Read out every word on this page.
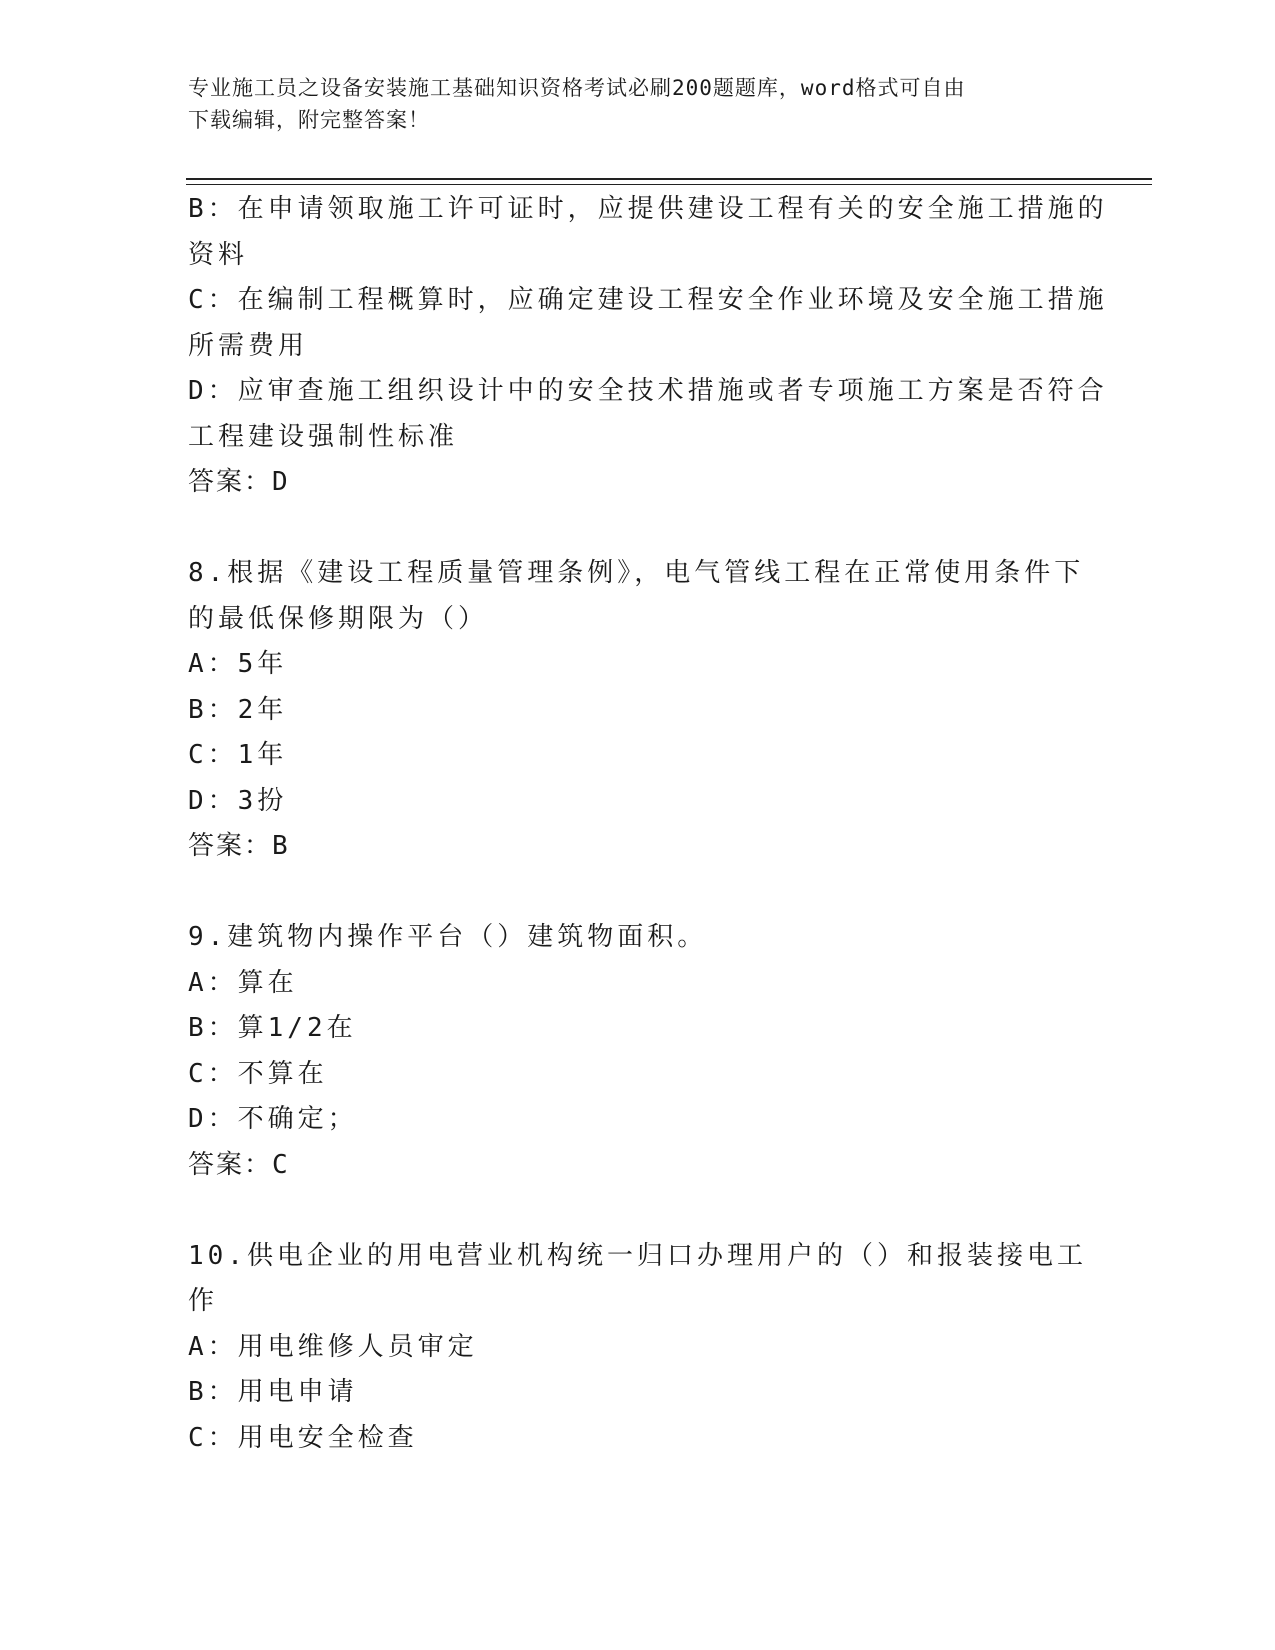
专业施工员之设备安装施工基础知识资格考试必刷200题题库，word格式可自由
下载编辑，附完整答案！
B：在申请领取施工许可证时，应提供建设工程有关的安全施工措施的
资料
C：在编制工程概算时，应确定建设工程安全作业环境及安全施工措施
所需费用
D：应审查施工组织设计中的安全技术措施或者专项施工方案是否符合
工程建设强制性标准
答案：D
8.根据《建设工程质量管理条例》，电气管线工程在正常使用条件下
的最低保修期限为（）
A：5年
B：2年
C：1年
D：3扮
答案：B
9.建筑物内操作平台（）建筑物面积。
A：算在
B：算1/2在
C：不算在
D：不确定；
答案：C
10.供电企业的用电营业机构统一归口办理用户的（）和报装接电工
作
A：用电维修人员审定
B：用电申请
C：用电安全检查
